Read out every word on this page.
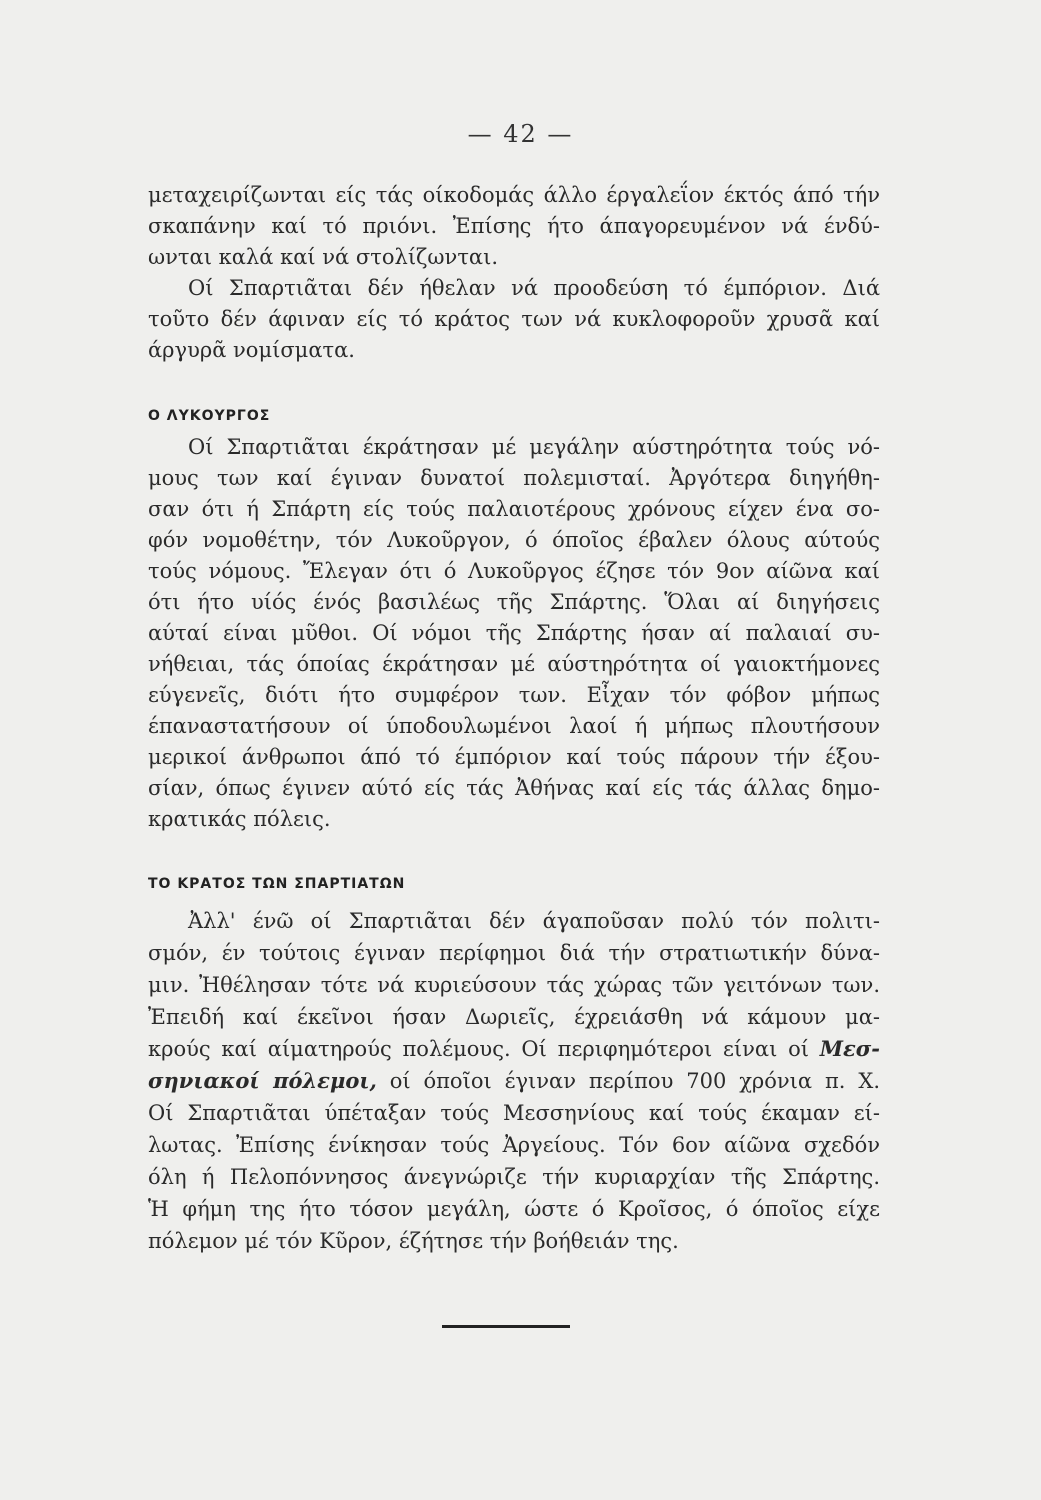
— 42 —
μεταχειρίζωνται είς τάς οίκοδομάς άλλο έργαλεΐον έκτός άπό τήν
σκαπάνην καί τό πριόνι. Ἐπίσης ήτο άπαγορευμένον νά ένδύ-
ωνται καλά καί νά στολίζωνται.
Οί Σπαρτιᾶται δέν ήθελαν νά προοδεύση τό έμπόριον. Διά
τοῦτο δέν άφιναν είς τό κράτος των νά κυκλοφοροῦν χρυσᾶ καί
άργυρᾶ νομίσματα.
Ο ΛΥΚΟΥΡΓΟΣ
Οί Σπαρτιᾶται έκράτησαν μέ μεγάλην αύστηρότητα τούς νό-
μους των καί έγιναν δυνατοί πολεμισταί. Ἀργότερα διηγήθη-
σαν ότι ή Σπάρτη είς τούς παλαιοτέρους χρόνους είχεν ένα σο-
φόν νομοθέτην, τόν Λυκοῦργον, ό όποῖος έβαλεν όλους αύτούς
τούς νόμους. Ἔλεγαν ότι ό Λυκοῦργος έζησε τόν 9ον αίῶνα καί
ότι ήτο υίός ένός βασιλέως τῆς Σπάρτης. Ὅλαι αί διηγήσεις
αύταί είναι μῦθοι. Οί νόμοι τῆς Σπάρτης ήσαν αί παλαιαί συ-
νήθειαι, τάς όποίας έκράτησαν μέ αύστηρότητα οί γαιοκτήμονες
εύγενεῖς, διότι ήτο συμφέρον των. Εἶχαν τόν φόβον μήπως
έπαναστατήσουν οί ύποδουλωμένοι λαοί ή μήπως πλουτήσουν
μερικοί άνθρωποι άπό τό έμπόριον καί τούς πάρουν τήν έξου-
σίαν, όπως έγινεν αύτό είς τάς Ἀθήνας καί είς τάς άλλας δημο-
κρατικάς πόλεις.
ΤΟ ΚΡΑΤΟΣ ΤΩΝ ΣΠΑΡΤΙΑΤΩΝ
Ἀλλ' ένῶ οί Σπαρτιᾶται δέν άγαποῦσαν πολύ τόν πολιτι-
σμόν, έν τούτοις έγιναν περίφημοι διά τήν στρατιωτικήν δύνα-
μιν. Ἠθέλησαν τότε νά κυριεύσουν τάς χώρας τῶν γειτόνων των.
Ἐπειδή καί έκεῖνοι ήσαν Δωριεῖς, έχρειάσθη νά κάμουν μα-
κρούς καί αίματηρούς πολέμους. Οί περιφημότεροι είναι οί Μεσ-
σηνιακοί πόλεμοι, οί όποῖοι έγιναν περίπου 700 χρόνια π. Χ.
Οί Σπαρτιᾶται ύπέταξαν τούς Μεσσηνίους καί τούς έκαμαν εί-
λωτας. Ἐπίσης ένίκησαν τούς Ἀργείους. Τόν 6ον αίῶνα σχεδόν
όλη ή Πελοπόννησος άνεγνώριζε τήν κυριαρχίαν τῆς Σπάρτης.
Ἡ φήμη της ήτο τόσον μεγάλη, ώστε ό Κροῖσος, ό όποῖος είχε
πόλεμον μέ τόν Κῦρον, έζήτησε τήν βοήθειάν της.
